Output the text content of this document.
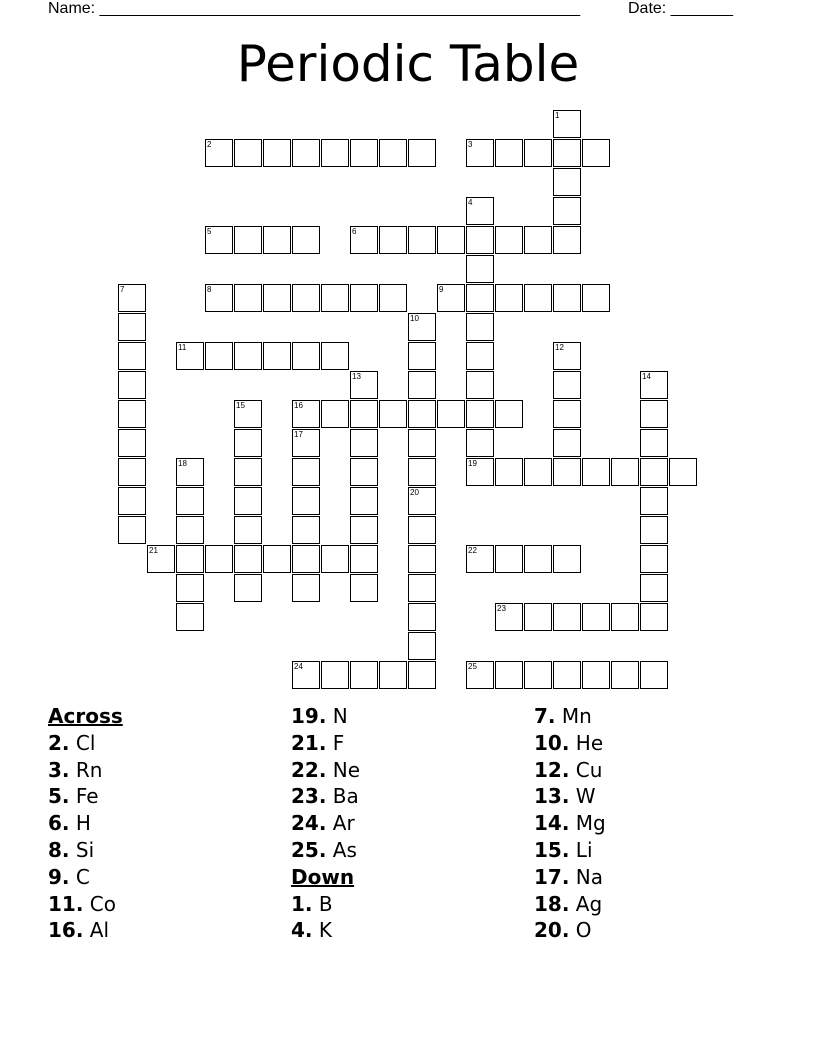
Name: ______________________________________________________	Date: _______
Periodic Table
2	3
5	6
8	9
11
16
19
21	22
23
24	25
1
4
7
10
12
13	14
15
17
18
20
Across
2. Cl
3. Rn
5. Fe
6. H
8. Si
9. C
11. Co
16. Al
19. N
21. F
22. Ne
23. Ba
24. Ar
25. As
Down
1. B
4. K
7. Mn
10. He
12. Cu
13. W
14. Mg
15. Li
17. Na
18. Ag
20. O
